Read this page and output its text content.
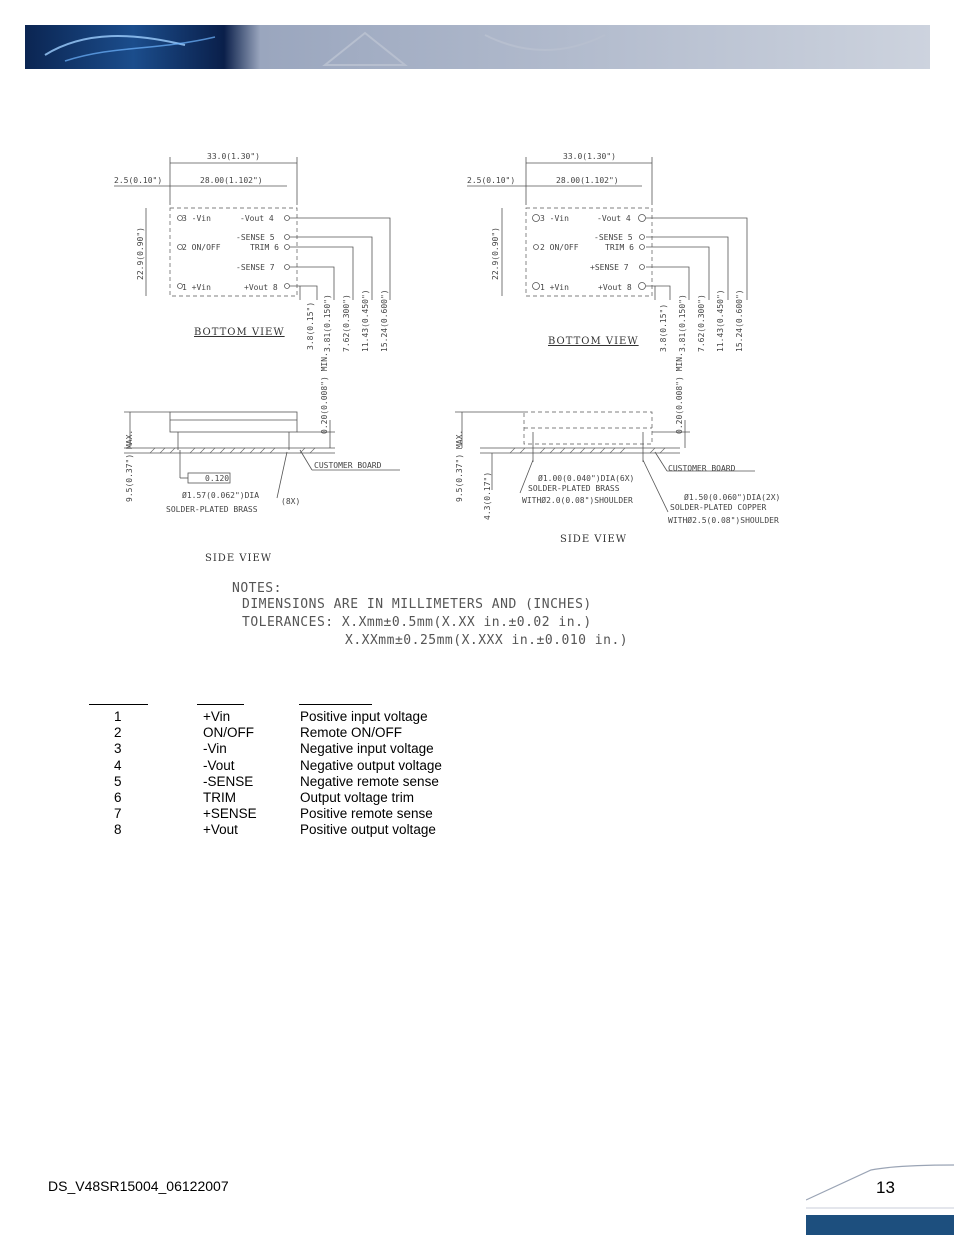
33.0(1.30")
28.00(1.102")
2.5(0.10")
22.9(0.90")
3 -Vin
2 ON/OFF
1 +Vin
-Vout 4
-SENSE 5
TRIM 6
-SENSE 7
+Vout 8
3.8(0.15") 3.81(0.150") 7.62(0.300") 11.43(0.450") 15.24(0.600")
BOTTOM VIEW
33.0(1.30")
28.00(1.102")
2.5(0.10")
22.9(0.90")
3 -Vin
2 ON/OFF
1 +Vin
-Vout 4
-SENSE 5
TRIM 6
+SENSE 7
+Vout 8
3.8(0.15") 3.81(0.150") 7.62(0.300") 11.43(0.450") 15.24(0.600")
BOTTOM VIEW
0.20(0.008") MIN.
9.5(0.37") MAX.	0.120
CUSTOMER BOARD
Ø1.57(0.062")DIA
SOLDER-PLATED BRASS
(8X)
SIDE VIEW
0.20(0.008") MIN.
9.5(0.37") MAX. 4.3(0.17")
CUSTOMER BOARD
Ø1.00(0.040")DIA(6X)
SOLDER-PLATED BRASS
WITHØ2.0(0.08")SHOULDER	Ø1.50(0.060")DIA(2X)
SOLDER-PLATED COPPER
WITHØ2.5(0.08")SHOULDER
SIDE VIEW
NOTES:
DIMENSIONS ARE IN MILLIMETERS AND (INCHES)
TOLERANCES: X.Xmm±0.5mm(X.XX in.±0.02 in.)
X.XXmm±0.25mm(X.XXX in.±0.010 in.)
1	+Vin	Positive input voltage
2	ON/OFF	Remote ON/OFF
3	-Vin	Negative input voltage
4	-Vout	Negative output voltage
5	-SENSE	Negative remote sense
6	TRIM	Output voltage trim
7	+SENSE	Positive remote sense
8	+Vout	Positive output voltage
DS_V48SR15004_06122007	13
